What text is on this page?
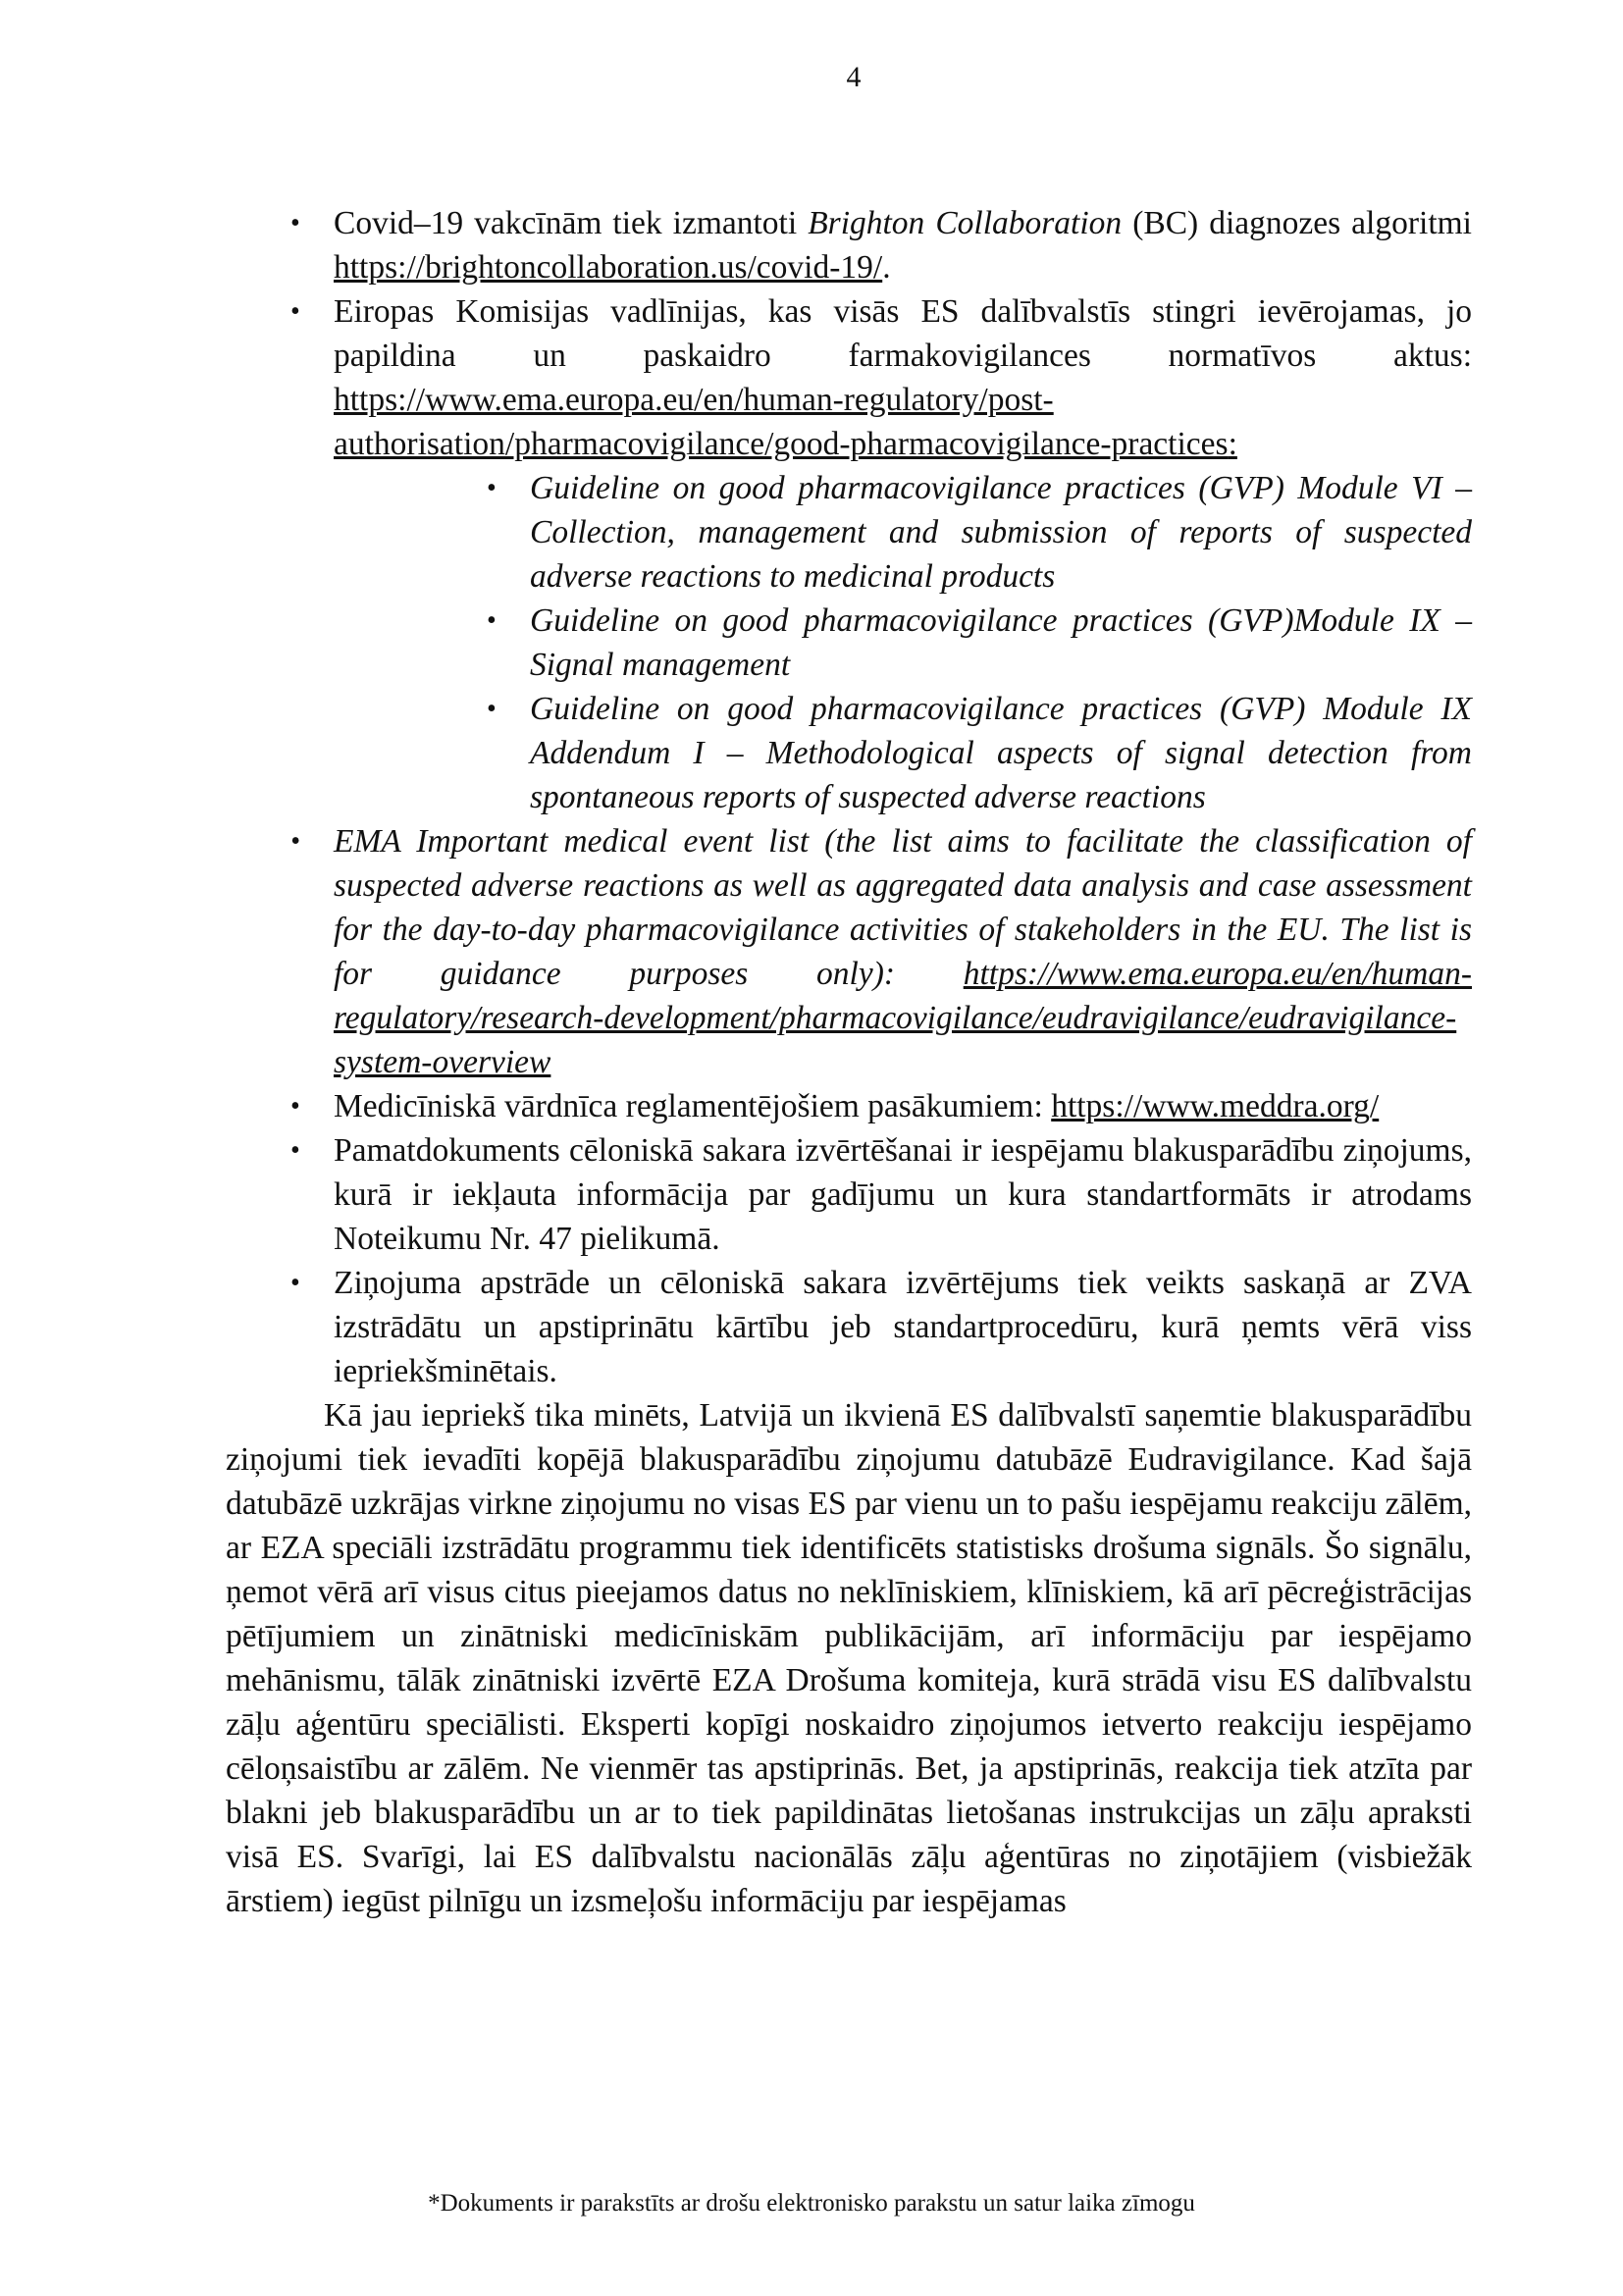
4
• Covid–19 vakcīnām tiek izmantoti Brighton Collaboration (BC) diagnozes algoritmi https://brightoncollaboration.us/covid-19/.
• Eiropas Komisijas vadlīnijas, kas visās ES dalībvalstīs stingri ievērojamas, jo papildina un paskaidro farmakovigilances normatīvos aktus: https://www.ema.europa.eu/en/human-regulatory/post-authorisation/pharmacovigilance/good-pharmacovigilance-practices:
• Guideline on good pharmacovigilance practices (GVP) Module VI – Collection, management and submission of reports of suspected adverse reactions to medicinal products
• Guideline on good pharmacovigilance practices (GVP)Module IX – Signal management
• Guideline on good pharmacovigilance practices (GVP) Module IX Addendum I – Methodological aspects of signal detection from spontaneous reports of suspected adverse reactions
• EMA Important medical event list (the list aims to facilitate the classification of suspected adverse reactions as well as aggregated data analysis and case assessment for the day-to-day pharmacovigilance activities of stakeholders in the EU. The list is for guidance purposes only): https://www.ema.europa.eu/en/human-regulatory/research-development/pharmacovigilance/eudravigilance/eudravigilance-system-overview
• Medicīniskā vārdnīca reglamentējošiem pasākumiem: https://www.meddra.org/
• Pamatdokuments cēloniskā sakara izvērtēšanai ir iespējamu blakusparādību ziņojums, kurā ir iekļauta informācija par gadījumu un kura standartformāts ir atrodams Noteikumu Nr. 47 pielikumā.
• Ziņojuma apstrāde un cēloniskā sakara izvērtējums tiek veikts saskaņā ar ZVA izstrādātu un apstiprinātu kārtību jeb standartprocedūru, kurā ņemts vērā viss iepriekšminētais.

Kā jau iepriekš tika minēts, Latvijā un ikvienā ES dalībvalstī saņemtie blakusparādību ziņojumi tiek ievadīti kopējā blakusparādību ziņojumu datubāzē Eudravigilance. Kad šajā datubāzē uzkrājas virkne ziņojumu no visas ES par vienu un to pašu iespējamu reakciju zālēm, ar EZA speciāli izstrādātu programmu tiek identificēts statistisks drošuma signāls. Šo signālu, ņemot vērā arī visus citus pieejamos datus no neklīniskiem, klīniskiem, kā arī pēcreģistrācijas pētījumiem un zinātniski medicīniskām publikācijām, arī informāciju par iespējamo mehānismu, tālāk zinātniski izvērtē EZA Drošuma komiteja, kurā strādā visu ES dalībvalstu zāļu aģentūru speciālisti. Eksperti kopīgi noskaidro ziņojumos ietverto reakciju iespējamo cēloņsaistību ar zālēm. Ne vienmēr tas apstiprinās. Bet, ja apstiprinās, reakcija tiek atzīta par blakni jeb blakusparādību un ar to tiek papildinātas lietošanas instrukcijas un zāļu apraksti visā ES. Svarīgi, lai ES dalībvalstu nacionālās zāļu aģentūras no ziņotājiem (visbiežāk ārstiem) iegūst pilnīgu un izsmeļošu informāciju par iespējamas

*Dokuments ir parakstīts ar drošu elektronisko parakstu un satur laika zīmogu
